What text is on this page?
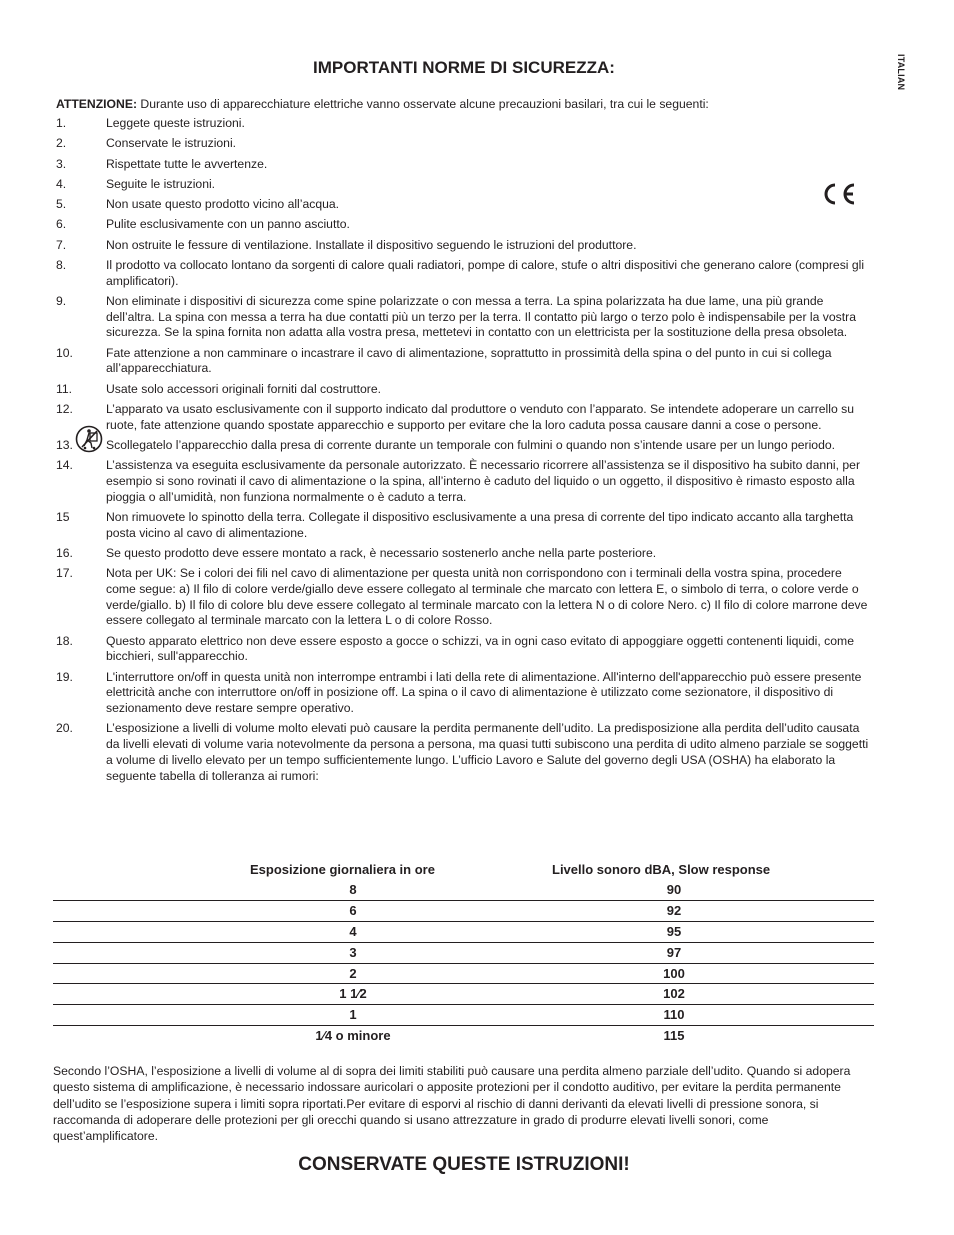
ITALIAN
IMPORTANTI NORME DI SICUREZZA:
ATTENZIONE: Durante uso di apparecchiature elettriche vanno osservate alcune precauzioni basilari, tra cui le seguenti:
1.	Leggete queste istruzioni.
2.	Conservate le istruzioni.
3.	Rispettate tutte le avvertenze.
4.	Seguite le istruzioni.
5.	Non usate questo prodotto vicino all’acqua.
6.	Pulite esclusivamente con un panno asciutto.
7.	Non ostruite le fessure di ventilazione. Installate il dispositivo seguendo le istruzioni del produttore.
8.	Il prodotto va collocato lontano da sorgenti di calore quali radiatori, pompe di calore, stufe o altri dispositivi che generano calore (compresi gli amplificatori).
9.	Non eliminate i dispositivi di sicurezza come spine polarizzate o con messa a terra. La spina polarizzata ha due lame, una più grande dell’altra. La spina con messa a terra ha due contatti più un terzo per la terra. Il contatto più largo o terzo polo è indispensabile per la vostra sicurezza. Se la spina fornita non adatta alla vostra presa, mettetevi in contatto con un elettricista per la sostituzione della presa obsoleta.
10.	Fate attenzione a non camminare o incastrare il cavo di alimentazione, soprattutto in prossimità della spina o del punto in cui si collega all’apparecchiatura.
11.	Usate solo accessori originali forniti dal costruttore.
12.	L’apparato va usato esclusivamente con il supporto indicato dal produttore o venduto con l’apparato. Se intendete adoperare un carrello su ruote, fate attenzione quando spostate apparecchio e supporto per evitare che la loro caduta possa causare danni a cose o persone.
13.	Scollegatelo l’apparecchio dalla presa di corrente durante un temporale con fulmini o quando non s’intende usare per un lungo periodo.
14.	L’assistenza va eseguita esclusivamente da personale autorizzato. È necessario ricorrere all’assistenza se il dispositivo ha subito danni, per esempio si sono rovinati il cavo di alimentazione o la spina, all’interno è caduto del liquido o un oggetto, il dispositivo è rimasto esposto alla pioggia o all’umidità, non funziona normalmente o è caduto a terra.
15	Non rimuovete lo spinotto della terra. Collegate il dispositivo esclusivamente a una presa di corrente del tipo indicato accanto alla targhetta posta vicino al cavo di alimentazione.
16.	Se questo prodotto deve essere montato a rack, è necessario sostenerlo anche nella parte posteriore.
17.	Nota per UK: Se i colori dei fili nel cavo di alimentazione per questa unità non corrispondono con i terminali della vostra spina, procedere come segue: a) Il filo di colore verde/giallo deve essere collegato al terminale che marcato con lettera E, o simbolo di terra, o colore verde o verde/giallo. b) Il filo di colore blu deve essere collegato al terminale marcato con la lettera N o di colore Nero. c) Il filo di colore marrone deve essere collegato al terminale marcato con la lettera L o di colore Rosso.
18.	Questo apparato elettrico non deve essere esposto a gocce o schizzi, va in ogni caso evitato di appoggiare oggetti contenenti liquidi, come bicchieri, sull'apparecchio.
19.	L'interruttore on/off in questa unità non interrompe entrambi i lati della rete di alimentazione. All'interno dell'apparecchio può essere presente elettricità anche con interruttore on/off in posizione off. La spina o il cavo di alimentazione è utilizzato come sezionatore, il dispositivo di sezionamento deve restare sempre operativo.
20.	L’esposizione a livelli di volume molto elevati può causare la perdita permanente dell’udito. La predisposizione alla perdita dell’udito causata da livelli elevati di volume varia notevolmente da persona a persona, ma quasi tutti subiscono una perdita di udito almeno parziale se soggetti a volume di livello elevato per un tempo sufficientemente lungo. L’ufficio Lavoro e Salute del governo degli USA (OSHA) ha elaborato la seguente tabella di tolleranza ai rumori:
Esposizione giornaliera in ore	Livello sonoro dBA, Slow response
8	90
6	92
4	95
3	97
2	100
1 1⁄2	102
1	110
1⁄4 o minore	115
Secondo l’OSHA, l’esposizione a livelli di volume al di sopra dei limiti stabiliti può causare una perdita almeno parziale dell’udito. Quando si adopera questo sistema di amplificazione, è necessario indossare auricolari o apposite protezioni per il condotto auditivo, per evitare la perdita permanente dell’udito se l’esposizione supera i limiti sopra riportati.Per evitare di esporvi al rischio di danni derivanti da elevati livelli di pressione sonora, si raccomanda di adoperare delle protezioni per gli orecchi quando si usano attrezzature in grado di produrre elevati livelli sonori, come quest’amplificatore.
CONSERVATE QUESTE ISTRUZIONI!
